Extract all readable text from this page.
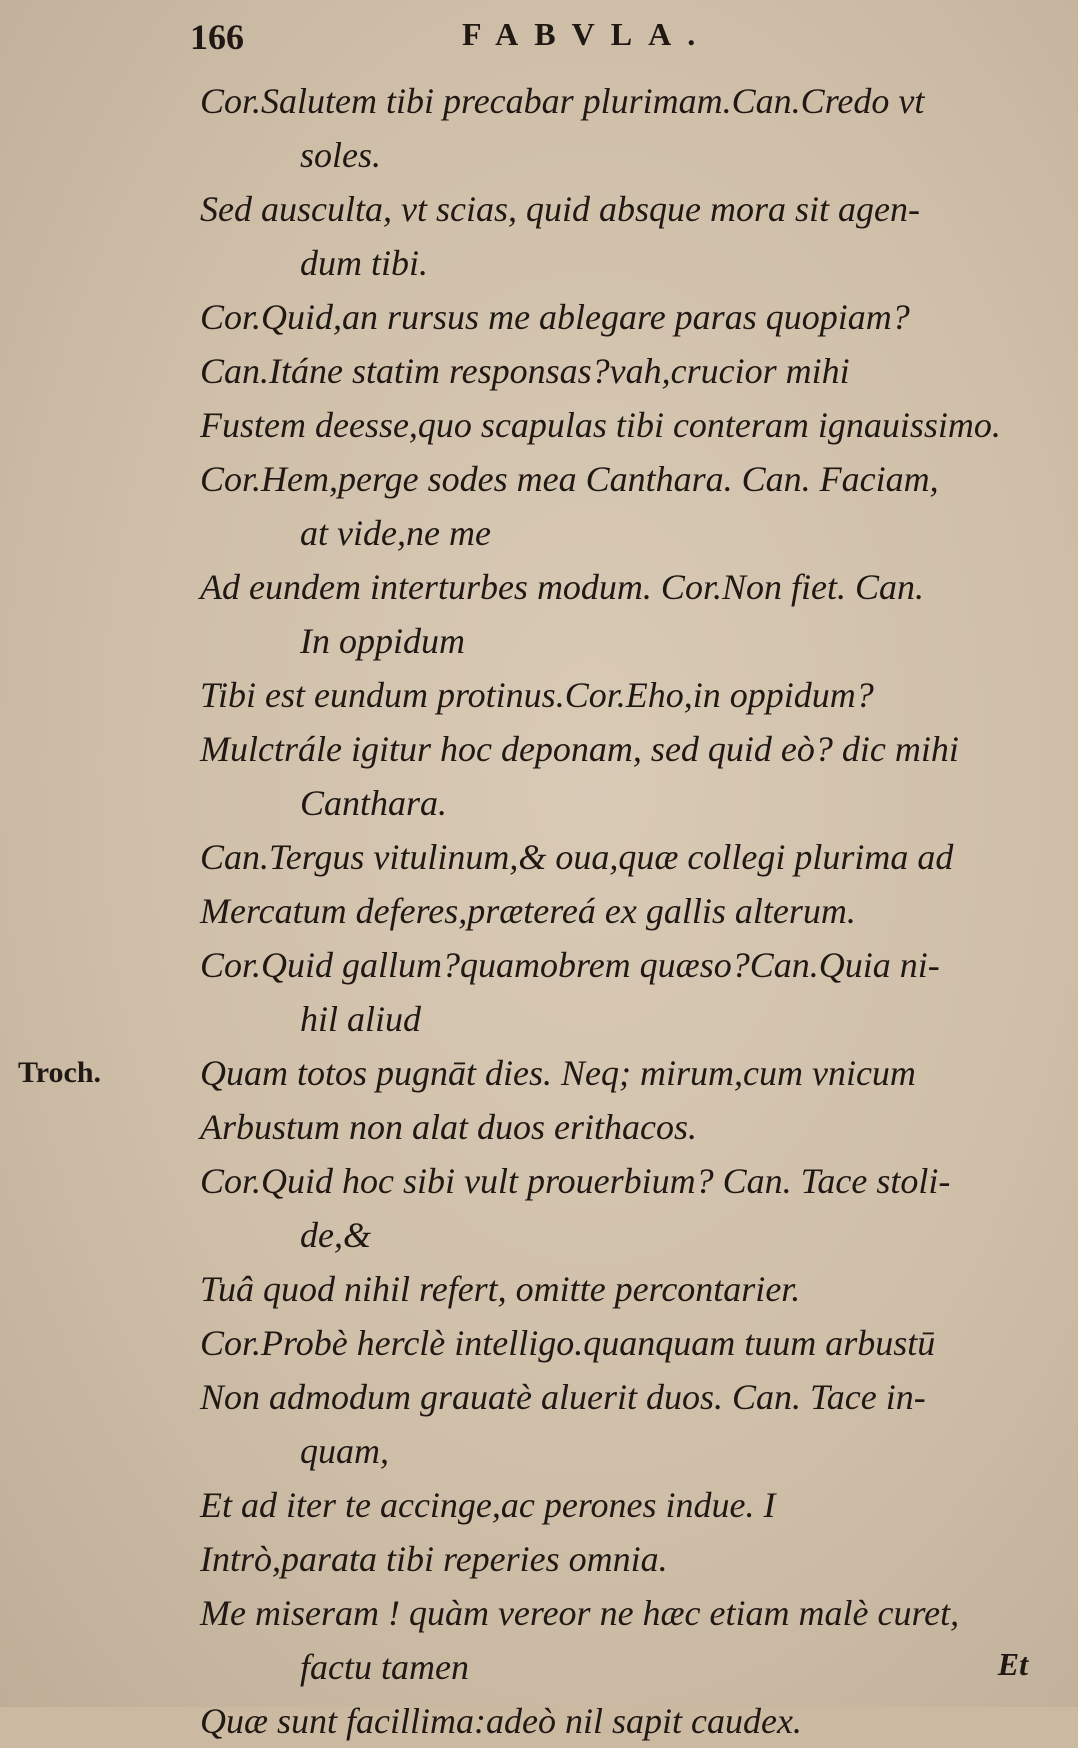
166	FABVLA.
Cor.Salutem tibi precabar plurimam.Can.Credo vt
soles.
Sed ausculta, vt scias, quid absque mora sit agen-
dum tibi.
Cor.Quid,an rursus me ablegare paras quopiam?
Can.Itáne statim responsas?vah,crucior mihi
Fustem deesse,quo scapulas tibi conteram ignauissimo.
Cor.Hem,perge sodes mea Canthara. Can. Faciam,
at vide,ne me
Ad eundem interturbes modum. Cor.Non fiet. Can.
In oppidum
Tibi est eundum protinus.Cor.Eho,in oppidum?
Mulctrále igitur hoc deponam, sed quid eò? dic mihi
Canthara.
Can.Tergus vitulinum,& oua,quæ collegi plurima ad
Mercatum deferes,prætereá ex gallis alterum.
Cor.Quid gallum?quamobrem quæso?Can.Quia ni-
hil aliud
Quam totos pugnāt dies. Neq; mirum,cum vnicum
Troch.
Arbustum non alat duos erithacos.
Cor.Quid hoc sibi vult prouerbium? Can. Tace stoli-
de,&
Tuâ quod nihil refert, omitte percontarier.
Cor.Probè herclè intelligo.quanquam tuum arbustū
Non admodum grauatè aluerit duos. Can. Tace in-
quam,
Et ad iter te accinge,ac perones indue. I
Intrò,parata tibi reperies omnia.
Me miseram ! quàm vereor ne hæc etiam malè curet,
factu tamen
Quæ sunt facillima:adeò nil sapit caudex.
Et
